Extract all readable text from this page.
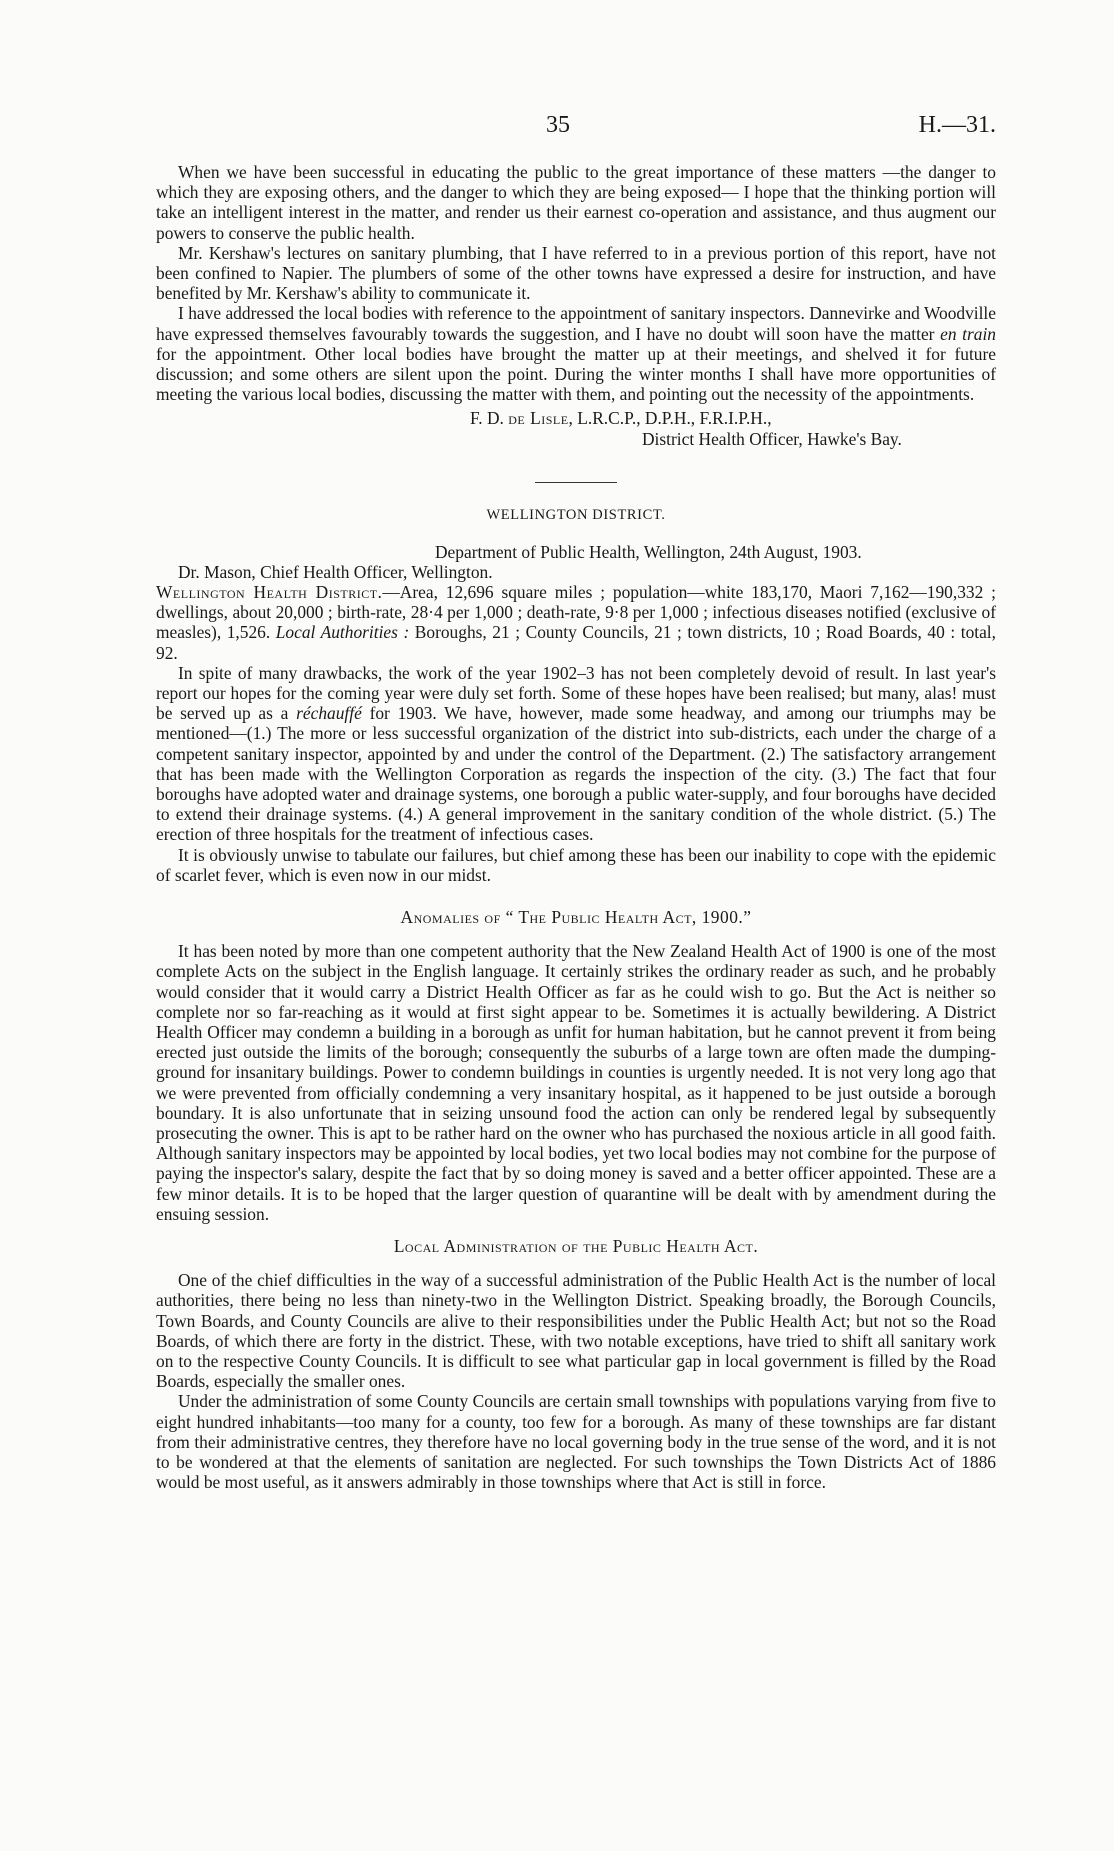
35	H.—31.

When we have been successful in educating the public to the great importance of these matters —the danger to which they are exposing others, and the danger to which they are being exposed— I hope that the thinking portion will take an intelligent interest in the matter, and render us their earnest co-operation and assistance, and thus augment our powers to conserve the public health.

Mr. Kershaw's lectures on sanitary plumbing, that I have referred to in a previous portion of this report, have not been confined to Napier. The plumbers of some of the other towns have expressed a desire for instruction, and have benefited by Mr. Kershaw's ability to communicate it.

I have addressed the local bodies with reference to the appointment of sanitary inspectors. Dannevirke and Woodville have expressed themselves favourably towards the suggestion, and I have no doubt will soon have the matter en train for the appointment. Other local bodies have brought the matter up at their meetings, and shelved it for future discussion; and some others are silent upon the point. During the winter months I shall have more opportunities of meeting the various local bodies, discussing the matter with them, and pointing out the necessity of the appointments.

F. D. de Lisle, L.R.C.P., D.P.H., F.R.I.P.H.,

District Health Officer, Hawke's Bay.

WELLINGTON DISTRICT.

Department of Public Health, Wellington, 24th August, 1903.

Dr. Mason, Chief Health Officer, Wellington.

Wellington Health District.—Area, 12,696 square miles ; population—white 183,170, Maori 7,162—190,332 ; dwellings, about 20,000 ; birth-rate, 28·4 per 1,000 ; death-rate, 9·8 per 1,000 ; infectious diseases notified (exclusive of measles), 1,526. Local Authorities : Boroughs, 21 ; County Councils, 21 ; town districts, 10 ; Road Boards, 40 : total, 92.

In spite of many drawbacks, the work of the year 1902–3 has not been completely devoid of result. In last year's report our hopes for the coming year were duly set forth. Some of these hopes have been realised; but many, alas! must be served up as a réchauffé for 1903. We have, however, made some headway, and among our triumphs may be mentioned—(1.) The more or less successful organization of the district into sub-districts, each under the charge of a competent sanitary inspector, appointed by and under the control of the Department. (2.) The satisfactory arrangement that has been made with the Wellington Corporation as regards the inspection of the city. (3.) The fact that four boroughs have adopted water and drainage systems, one borough a public water-supply, and four boroughs have decided to extend their drainage systems. (4.) A general improvement in the sanitary condition of the whole district. (5.) The erection of three hospitals for the treatment of infectious cases.

It is obviously unwise to tabulate our failures, but chief among these has been our inability to cope with the epidemic of scarlet fever, which is even now in our midst.

Anomalies of “ The Public Health Act, 1900.”

It has been noted by more than one competent authority that the New Zealand Health Act of 1900 is one of the most complete Acts on the subject in the English language. It certainly strikes the ordinary reader as such, and he probably would consider that it would carry a District Health Officer as far as he could wish to go. But the Act is neither so complete nor so far-reaching as it would at first sight appear to be. Sometimes it is actually bewildering. A District Health Officer may condemn a building in a borough as unfit for human habitation, but he cannot prevent it from being erected just outside the limits of the borough; consequently the suburbs of a large town are often made the dumping-ground for insanitary buildings. Power to condemn buildings in counties is urgently needed. It is not very long ago that we were prevented from officially condemning a very insanitary hospital, as it happened to be just outside a borough boundary. It is also unfortunate that in seizing unsound food the action can only be rendered legal by subsequently prosecuting the owner. This is apt to be rather hard on the owner who has purchased the noxious article in all good faith. Although sanitary inspectors may be appointed by local bodies, yet two local bodies may not combine for the purpose of paying the inspector's salary, despite the fact that by so doing money is saved and a better officer appointed. These are a few minor details. It is to be hoped that the larger question of quarantine will be dealt with by amendment during the ensuing session.

Local Administration of the Public Health Act.

One of the chief difficulties in the way of a successful administration of the Public Health Act is the number of local authorities, there being no less than ninety-two in the Wellington District. Speaking broadly, the Borough Councils, Town Boards, and County Councils are alive to their responsibilities under the Public Health Act; but not so the Road Boards, of which there are forty in the district. These, with two notable exceptions, have tried to shift all sanitary work on to the respective County Councils. It is difficult to see what particular gap in local government is filled by the Road Boards, especially the smaller ones.

Under the administration of some County Councils are certain small townships with populations varying from five to eight hundred inhabitants—too many for a county, too few for a borough. As many of these townships are far distant from their administrative centres, they therefore have no local governing body in the true sense of the word, and it is not to be wondered at that the elements of sanitation are neglected. For such townships the Town Districts Act of 1886 would be most useful, as it answers admirably in those townships where that Act is still in force.
